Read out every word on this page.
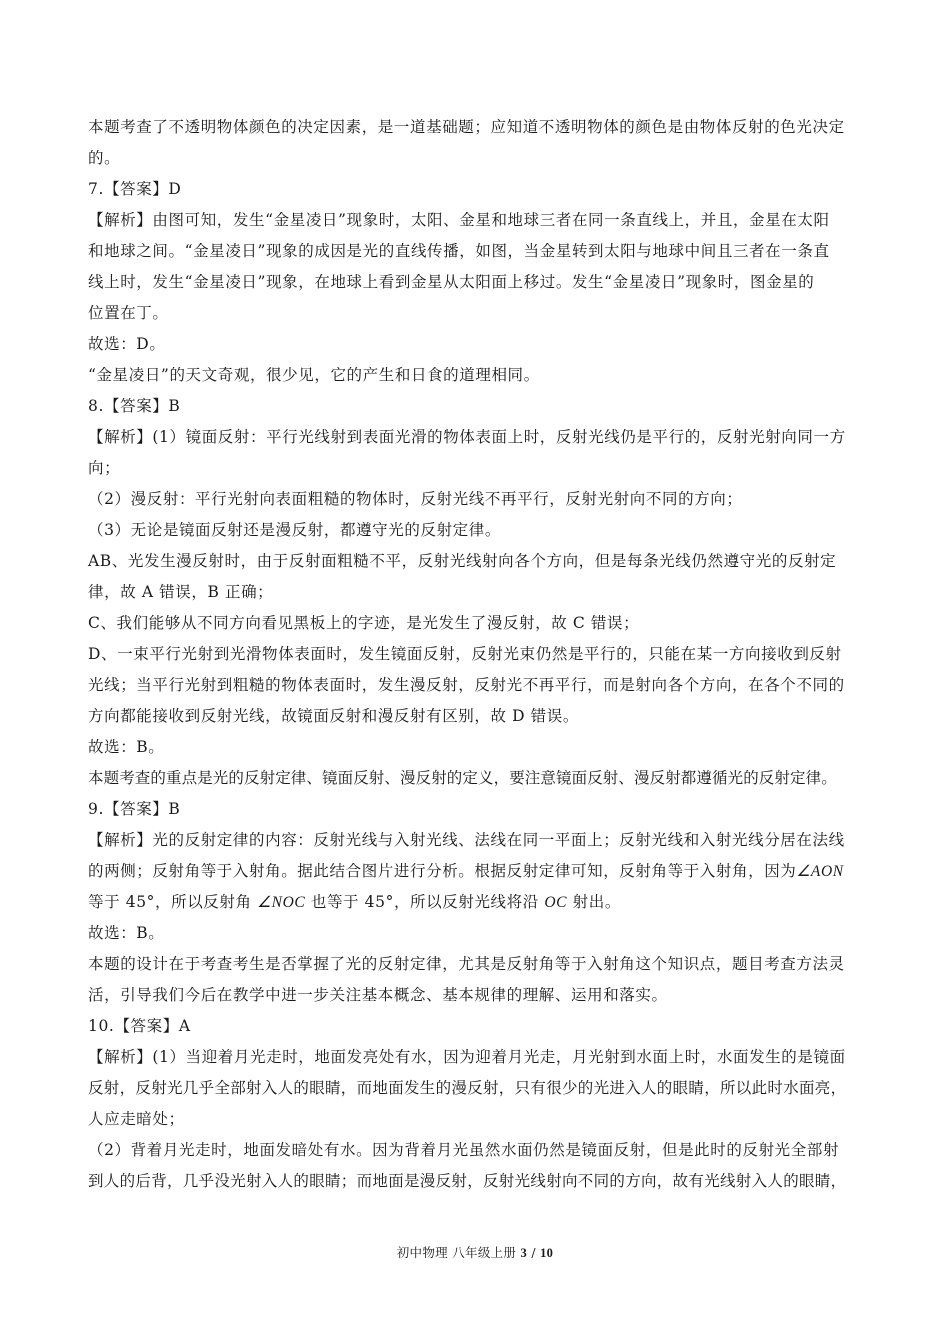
本题考查了不透明物体颜色的决定因素，是一道基础题；应知道不透明物体的颜色是由物体反射的色光决定
的。
7.【答案】D
【解析】由图可知，发生“金星凌日”现象时，太阳、金星和地球三者在同一条直线上，并且，金星在太阳
和地球之间。“金星凌日”现象的成因是光的直线传播，如图，当金星转到太阳与地球中间且三者在一条直
线上时，发生“金星凌日”现象，在地球上看到金星从太阳面上移过。发生“金星凌日”现象时，图金星的
位置在丁。
故选：D。
“金星凌日”的天文奇观，很少见，它的产生和日食的道理相同。
8.【答案】B
【解析】(1）镜面反射：平行光线射到表面光滑的物体表面上时，反射光线仍是平行的，反射光射向同一方
向；
（2）漫反射：平行光射向表面粗糙的物体时，反射光线不再平行，反射光射向不同的方向；
（3）无论是镜面反射还是漫反射，都遵守光的反射定律。
AB、光发生漫反射时，由于反射面粗糙不平，反射光线射向各个方向，但是每条光线仍然遵守光的反射定
律，故 A 错误，B 正确；
C、我们能够从不同方向看见黑板上的字迹，是光发生了漫反射，故 C 错误；
D、一束平行光射到光滑物体表面时，发生镜面反射，反射光束仍然是平行的，只能在某一方向接收到反射
光线；当平行光射到粗糙的物体表面时，发生漫反射，反射光不再平行，而是射向各个方向，在各个不同的
方向都能接收到反射光线，故镜面反射和漫反射有区别，故 D 错误。
故选：B。
本题考查的重点是光的反射定律、镜面反射、漫反射的定义，要注意镜面反射、漫反射都遵循光的反射定律。
9.【答案】B
【解析】光的反射定律的内容：反射光线与入射光线、法线在同一平面上；反射光线和入射光线分居在法线
的两侧；反射角等于入射角。据此结合图片进行分析。根据反射定律可知，反射角等于入射角，因为∠AON
等于 45°，所以反射角 ∠NOC 也等于 45°，所以反射光线将沿 OC 射出。
故选：B。
本题的设计在于考查考生是否掌握了光的反射定律，尤其是反射角等于入射角这个知识点，题目考查方法灵
活，引导我们今后在教学中进一步关注基本概念、基本规律的理解、运用和落实。
10.【答案】A
【解析】(1）当迎着月光走时，地面发亮处有水，因为迎着月光走，月光射到水面上时，水面发生的是镜面
反射，反射光几乎全部射入人的眼睛，而地面发生的漫反射，只有很少的光进入人的眼睛，所以此时水面亮，
人应走暗处；
（2）背着月光走时，地面发暗处有水。因为背着月光虽然水面仍然是镜面反射，但是此时的反射光全部射
到人的后背，几乎没光射入人的眼睛；而地面是漫反射，反射光线射向不同的方向，故有光线射入人的眼睛，
初中物理 八年级上册 3 / 10
